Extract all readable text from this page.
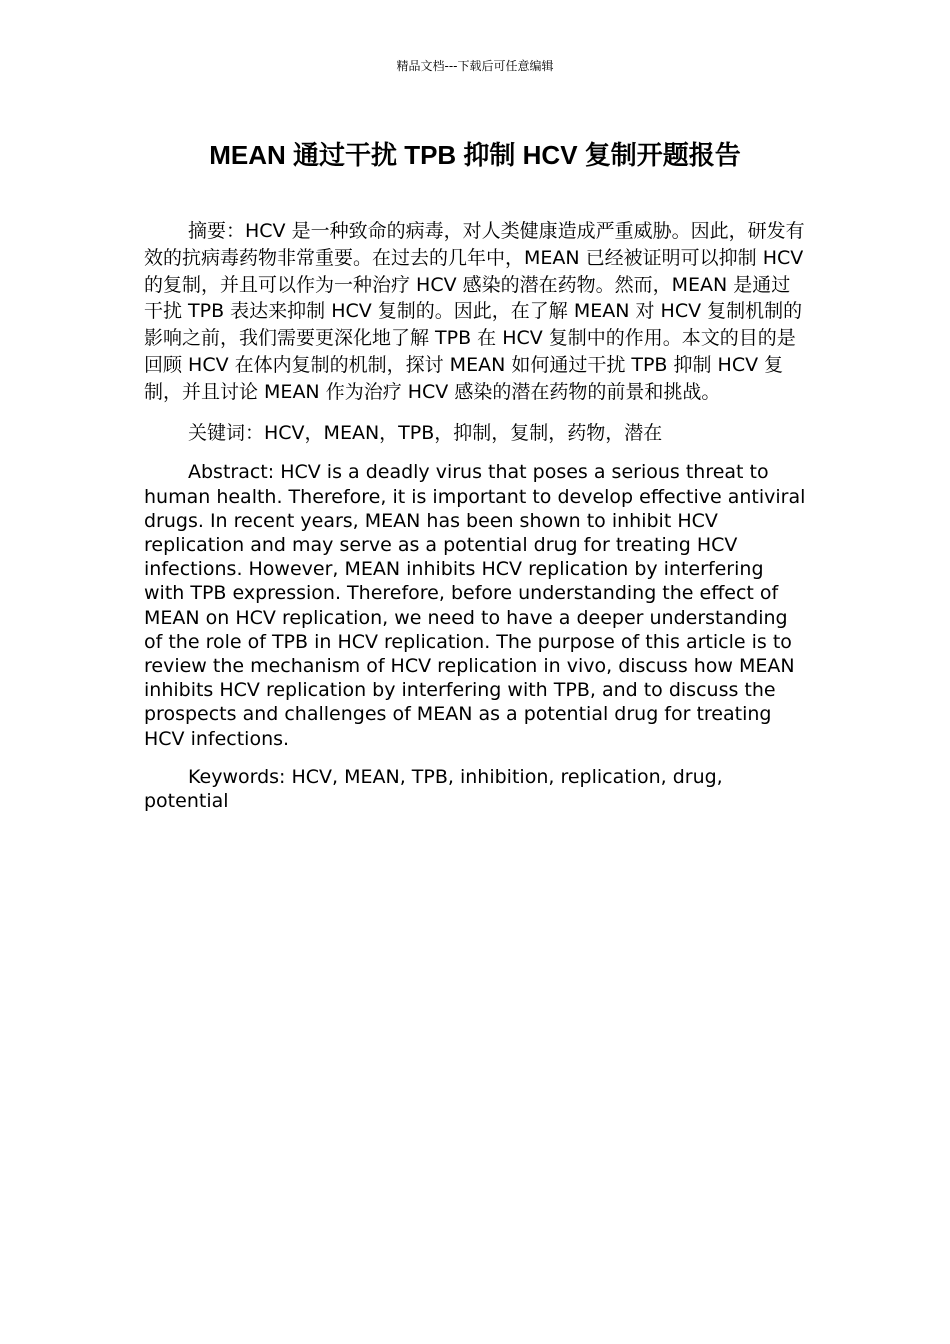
精品文档---下载后可任意编辑
MEAN 通过干扰 TPB 抑制 HCV 复制开题报告

摘要：HCV 是一种致命的病毒，对人类健康造成严重威胁。因此，研发有效的抗病毒药物非常重要。在过去的几年中，MEAN 已经被证明可以抑制 HCV 的复制，并且可以作为一种治疗 HCV 感染的潜在药物。然而，MEAN 是通过干扰 TPB 表达来抑制 HCV 复制的。因此，在了解 MEAN 对 HCV 复制机制的影响之前，我们需要更深化地了解 TPB 在 HCV 复制中的作用。本文的目的是回顾 HCV 在体内复制的机制，探讨 MEAN 如何通过干扰 TPB 抑制 HCV 复制，并且讨论 MEAN 作为治疗 HCV 感染的潜在药物的前景和挑战。

关键词：HCV，MEAN，TPB，抑制，复制，药物，潜在

Abstract: HCV is a deadly virus that poses a serious threat to human health. Therefore, it is important to develop effective antiviral drugs. In recent years, MEAN has been shown to inhibit HCV replication and may serve as a potential drug for treating HCV infections. However, MEAN inhibits HCV replication by interfering with TPB expression. Therefore, before understanding the effect of MEAN on HCV replication, we need to have a deeper understanding of the role of TPB in HCV replication. The purpose of this article is to review the mechanism of HCV replication in vivo, discuss how MEAN inhibits HCV replication by interfering with TPB, and to discuss the prospects and challenges of MEAN as a potential drug for treating HCV infections.

Keywords: HCV, MEAN, TPB, inhibition, replication, drug, potential
